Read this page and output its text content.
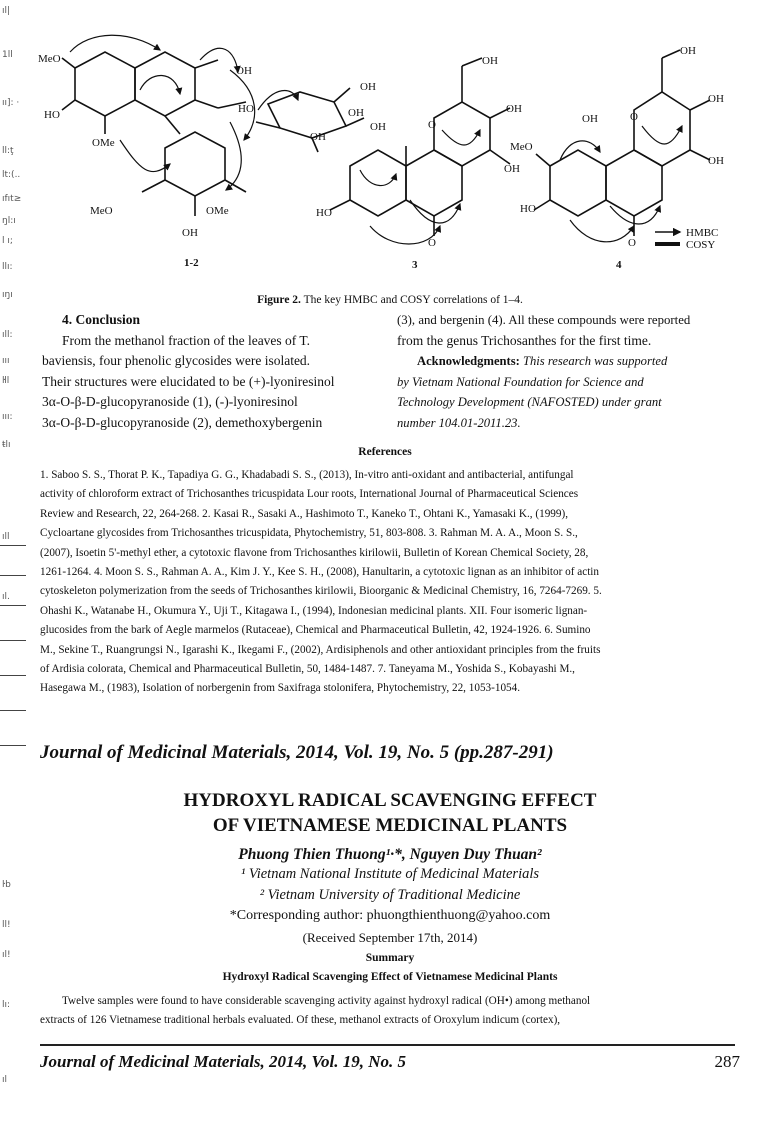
ıl|
1ll
ıı]: ·
ll:ţ
lt:(..
ıfıt≥
ŋl:ı
l ı;
llı:
ıŋı
ıll:
ııı
ŀll
ııı:
ŧlı
ıll
ıl.
ŀb
ll!
ıl!
lı:
ıl
MeO
HO
OMe
MeO	OMe
OH
OH
HO
OH
OH
OH
OH
OH
OH
OH
O
HO
O
OH
OH
OH
OH	O
MeO
HO
O
HMBC
COSY
1-2	3	4
Figure 2. The key HMBC and COSY correlations of 1–4.
4. Conclusion
From the methanol fraction of the leaves of T.
baviensis, four phenolic glycosides were isolated.
Their structures were elucidated to be (+)-lyoniresinol
3α-O-β-D-glucopyranoside (1), (-)-lyoniresinol
3α-O-β-D-glucopyranoside (2), demethoxybergenin
(3), and bergenin (4). All these compounds were reported
from the genus Trichosanthes for the first time.
Acknowledgments: This research was supported
by Vietnam National Foundation for Science and
Technology Development (NAFOSTED) under grant
number 104.01-2011.23.
References
1. Saboo S. S., Thorat P. K., Tapadiya G. G., Khadabadi S. S., (2013), In-vitro anti-oxidant and antibacterial, antifungal
activity of chloroform extract of Trichosanthes tricuspidata Lour roots, International Journal of Pharmaceutical Sciences
Review and Research, 22, 264-268. 2. Kasai R., Sasaki A., Hashimoto T., Kaneko T., Ohtani K., Yamasaki K., (1999),
Cycloartane glycosides from Trichosanthes tricuspidata, Phytochemistry, 51, 803-808. 3. Rahman M. A. A., Moon S. S.,
(2007), Isoetin 5'-methyl ether, a cytotoxic flavone from Trichosanthes kirilowii, Bulletin of Korean Chemical Society, 28,
1261-1264. 4. Moon S. S., Rahman A. A., Kim J. Y., Kee S. H., (2008), Hanultarin, a cytotoxic lignan as an inhibitor of actin
cytoskeleton polymerization from the seeds of Trichosanthes kirilowii, Bioorganic & Medicinal Chemistry, 16, 7264-7269. 5.
Ohashi K., Watanabe H., Okumura Y., Uji T., Kitagawa I., (1994), Indonesian medicinal plants. XII. Four isomeric lignan-
glucosides from the bark of Aegle marmelos (Rutaceae), Chemical and Pharmaceutical Bulletin, 42, 1924-1926. 6. Sumino
M., Sekine T., Ruangrungsi N., Igarashi K., Ikegami F., (2002), Ardisiphenols and other antioxidant principles from the fruits
of Ardisia colorata, Chemical and Pharmaceutical Bulletin, 50, 1484-1487. 7. Taneyama M., Yoshida S., Kobayashi M.,
Hasegawa M., (1983), Isolation of norbergenin from Saxifraga stolonifera, Phytochemistry, 22, 1053-1054.
Journal of Medicinal Materials, 2014, Vol. 19, No. 5 (pp.287-291)
HYDROXYL RADICAL SCAVENGING EFFECT
OF VIETNAMESE MEDICINAL PLANTS
Phuong Thien Thuong¹·*, Nguyen Duy Thuan²
¹ Vietnam National Institute of Medicinal Materials
² Vietnam University of Traditional Medicine
*Corresponding author: phuongthienthuong@yahoo.com
(Received September 17th, 2014)
Summary
Hydroxyl Radical Scavenging Effect of Vietnamese Medicinal Plants
Twelve samples were found to have considerable scavenging activity against hydroxyl radical (OH•) among methanol
extracts of 126 Vietnamese traditional herbals evaluated. Of these, methanol extracts of Oroxylum indicum (cortex),
Journal of Medicinal Materials, 2014, Vol. 19, No. 5	287
